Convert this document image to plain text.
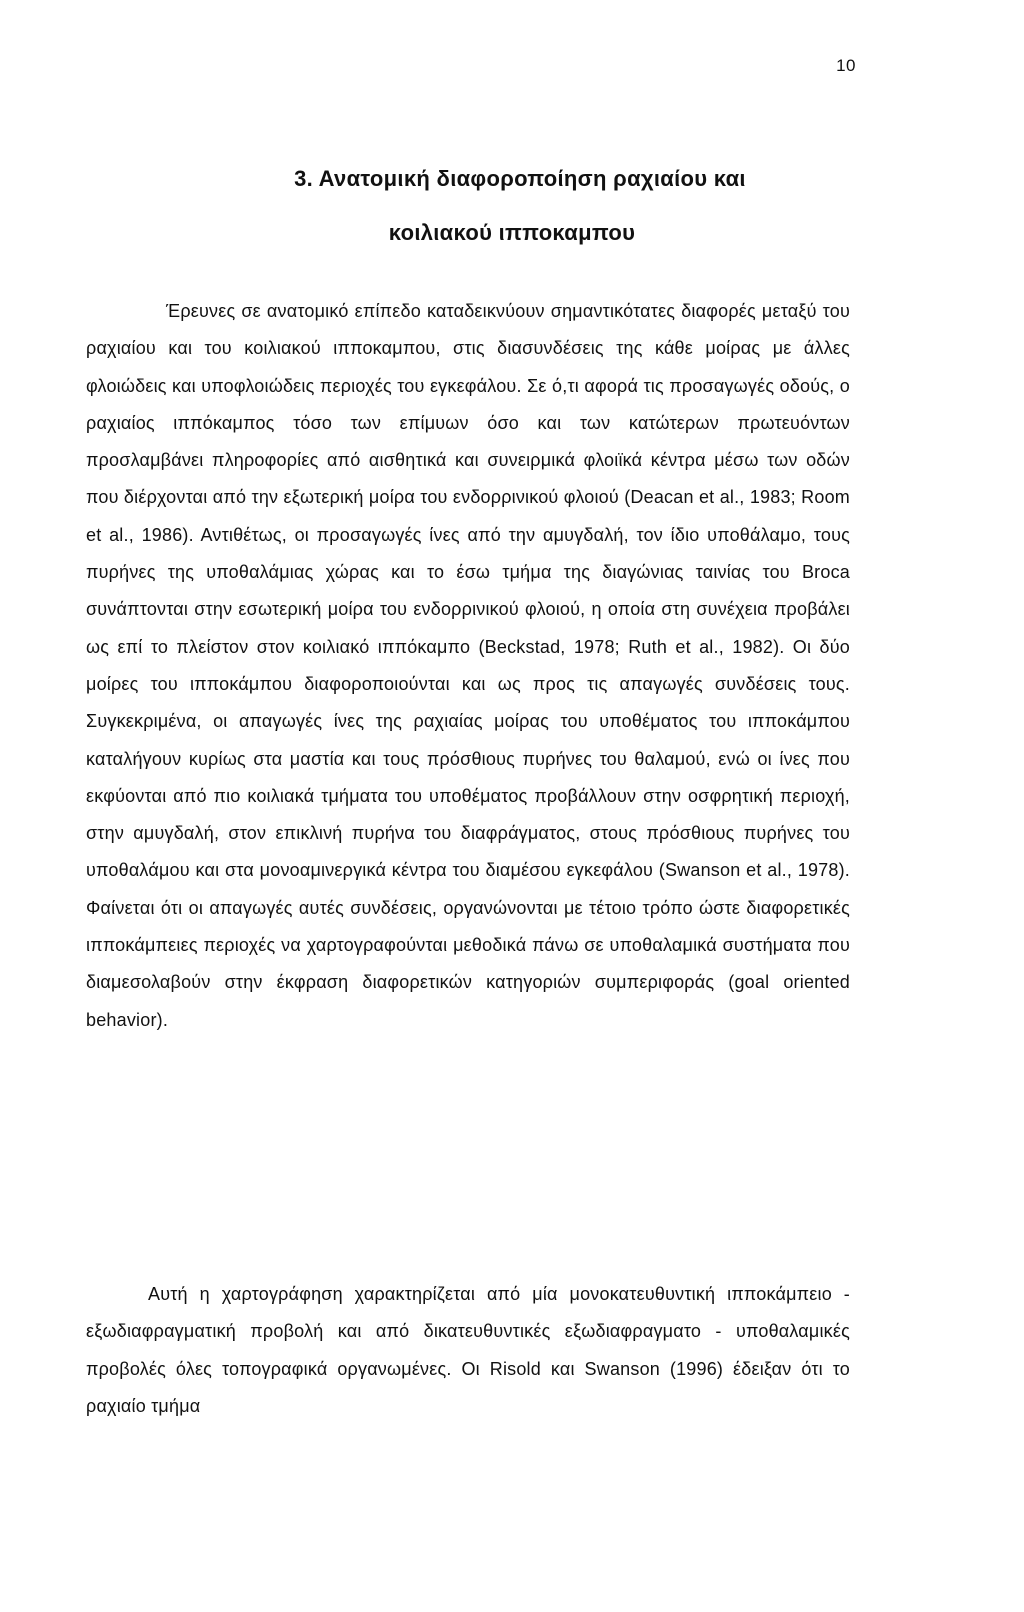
10
3. Ανατομική διαφοροποίηση ραχιαίου και
κοιλιακού ιπποκαμπου

Έρευνες σε ανατομικό επίπεδο καταδεικνύουν σημαντικότατες διαφορές μεταξύ του ραχιαίου και του κοιλιακού ιπποκαμπου, στις διασυνδέσεις της κάθε μοίρας με άλλες φλοιώδεις και υποφλοιώδεις περιοχές του εγκεφάλου. Σε ό,τι αφορά τις προσαγωγές οδούς, ο ραχιαίος ιππόκαμπος τόσο των επίμυων όσο και των κατώτερων πρωτευόντων προσλαμβάνει πληροφορίες από αισθητικά και συνειρμικά φλοιϊκά κέντρα μέσω των οδών που διέρχονται από την εξωτερική μοίρα του ενδορρινικού φλοιού (Deacan et al., 1983; Room et al., 1986). Αντιθέτως, οι προσαγωγές ίνες από την αμυγδαλή, τον ίδιο υποθάλαμο, τους πυρήνες της υποθαλάμιας χώρας και το έσω τμήμα της διαγώνιας ταινίας του Broca συνάπτονται στην εσωτερική μοίρα του ενδορρινικού φλοιού, η οποία στη συνέχεια προβάλει ως επί το πλείστον στον κοιλιακό ιππόκαμπο (Beckstad, 1978; Ruth et al., 1982). Οι δύο μοίρες του ιπποκάμπου διαφοροποιούνται και ως προς τις απαγωγές συνδέσεις τους. Συγκεκριμένα, οι απαγωγές ίνες της ραχιαίας μοίρας του υποθέματος του ιπποκάμπου καταλήγουν κυρίως στα μαστία και τους πρόσθιους πυρήνες του θαλαμού, ενώ οι ίνες που εκφύονται από πιο κοιλιακά τμήματα του υποθέματος προβάλλουν στην οσφρητική περιοχή, στην αμυγδαλή, στον επικλινή πυρήνα του διαφράγματος, στους πρόσθιους πυρήνες του υποθαλάμου και στα μονοαμινεργικά κέντρα του διαμέσου εγκεφάλου (Swanson et al., 1978). Φαίνεται ότι οι απαγωγές αυτές συνδέσεις, οργανώνονται με τέτοιο τρόπο ώστε διαφορετικές ιπποκάμπειες περιοχές να χαρτογραφούνται μεθοδικά πάνω σε υποθαλαμικά συστήματα που διαμεσολαβούν στην έκφραση διαφορετικών κατηγοριών συμπεριφοράς (goal oriented behavior).

Αυτή η χαρτογράφηση χαρακτηρίζεται από μία μονοκατευθυντική ιπποκάμπειο - εξωδιαφραγματική προβολή και από δικατευθυντικές εξωδιαφραγματο - υποθαλαμικές προβολές όλες τοπογραφικά οργανωμένες. Οι Risold και Swanson (1996) έδειξαν ότι το ραχιαίο τμήμα
